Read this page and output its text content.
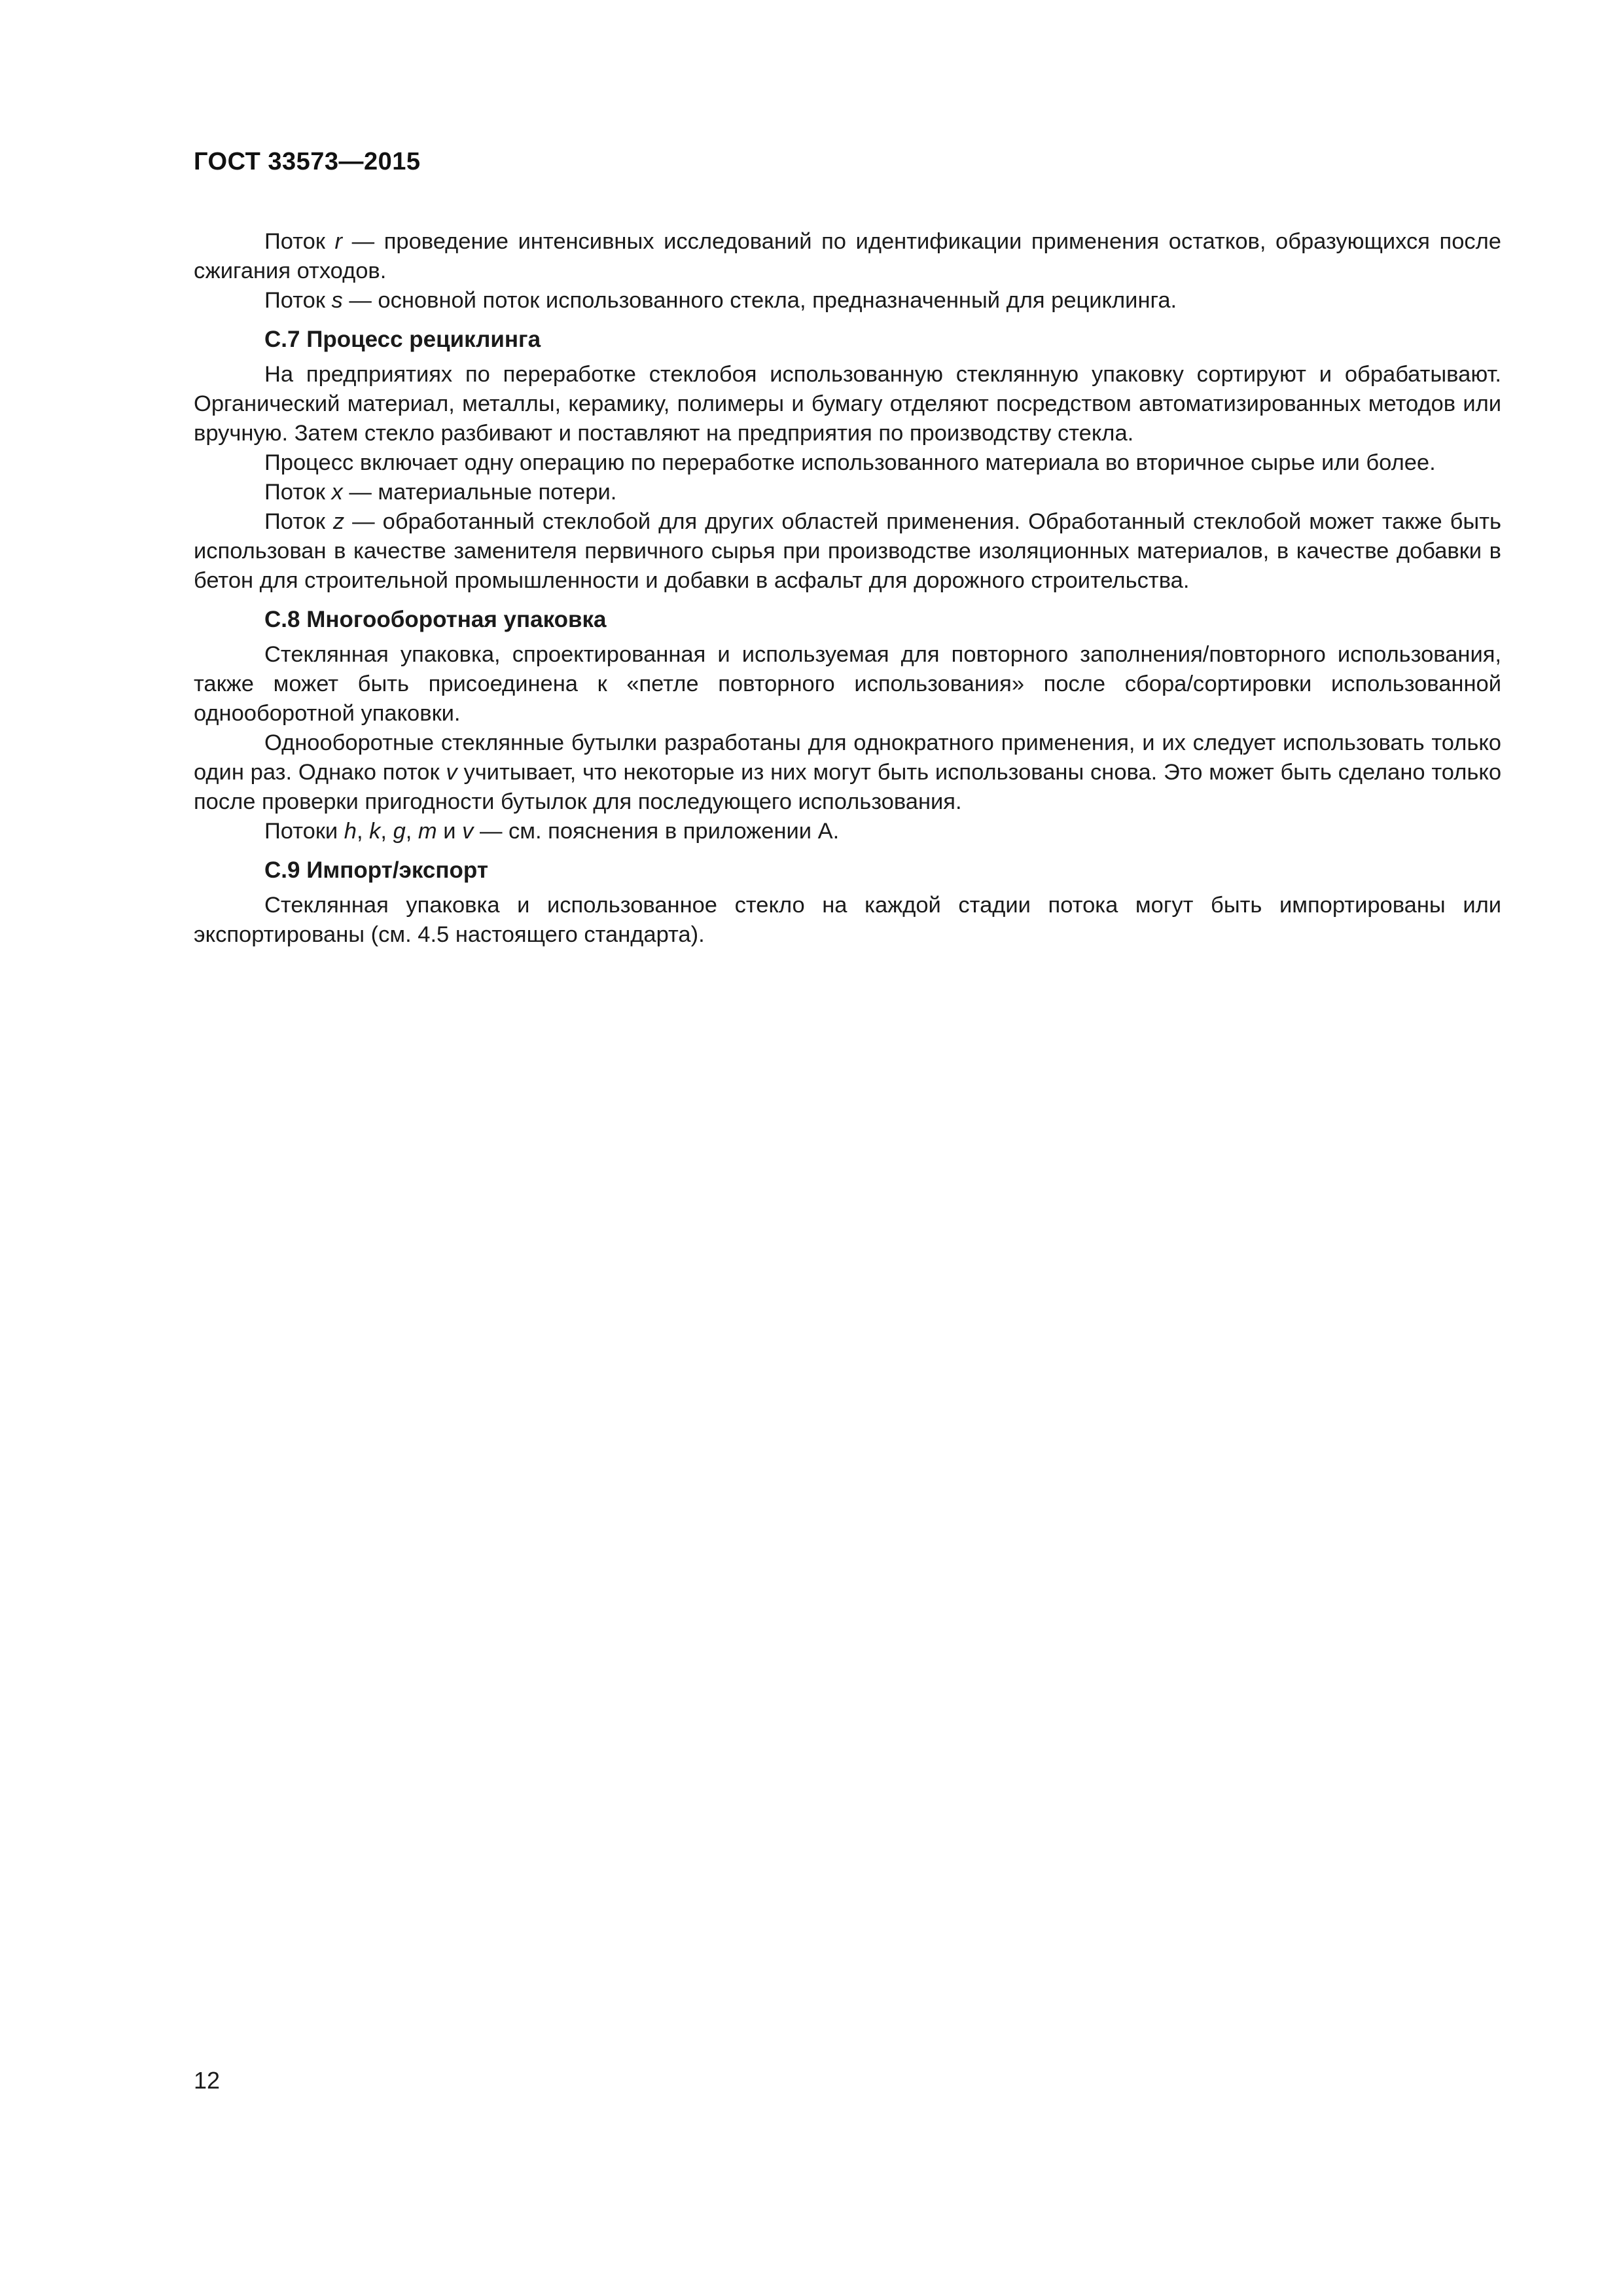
ГОСТ 33573—2015

Поток r — проведение интенсивных исследований по идентификации применения остатков, образующихся после сжигания отходов.

Поток s — основной поток использованного стекла, предназначенный для рециклинга.

С.7 Процесс рециклинга

На предприятиях по переработке стеклобоя использованную стеклянную упаковку сортируют и обрабатывают. Органический материал, металлы, керамику, полимеры и бумагу отделяют посредством автоматизированных методов или вручную. Затем стекло разбивают и поставляют на предприятия по производству стекла.

Процесс включает одну операцию по переработке использованного материала во вторичное сырье или более.

Поток x — материальные потери.

Поток z — обработанный стеклобой для других областей применения. Обработанный стеклобой может также быть использован в качестве заменителя первичного сырья при производстве изоляционных материалов, в качестве добавки в бетон для строительной промышленности и добавки в асфальт для дорожного строительства.

С.8 Многооборотная упаковка

Стеклянная упаковка, спроектированная и используемая для повторного заполнения/повторного использования, также может быть присоединена к «петле повторного использования» после сбора/сортировки использованной однооборотной упаковки.

Однооборотные стеклянные бутылки разработаны для однократного применения, и их следует использовать только один раз. Однако поток v учитывает, что некоторые из них могут быть использованы снова. Это может быть сделано только после проверки пригодности бутылок для последующего использования.

Потоки h, k, g, m и v — см. пояснения в приложении А.

С.9 Импорт/экспорт

Стеклянная упаковка и использованное стекло на каждой стадии потока могут быть импортированы или экспортированы (см. 4.5 настоящего стандарта).

12
